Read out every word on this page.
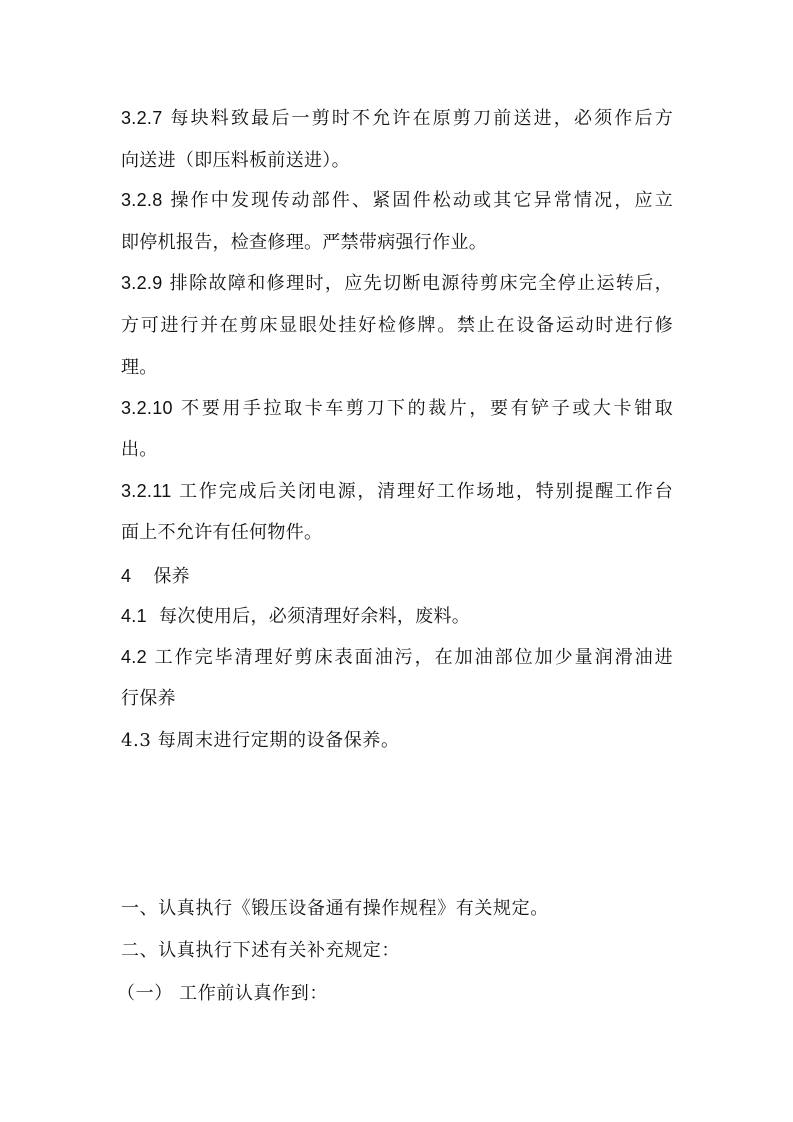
3.2.7 每块料致最后一剪时不允许在原剪刀前送进，必须作后方

向送进（即压料板前送进）。

3.2.8 操作中发现传动部件、紧固件松动或其它异常情况，应立

即停机报告，检查修理。严禁带病强行作业。

3.2.9 排除故障和修理时，应先切断电源待剪床完全停止运转后，

方可进行并在剪床显眼处挂好检修牌。禁止在设备运动时进行修

理。

3.2.10 不要用手拉取卡车剪刀下的裁片，要有铲子或大卡钳取

出。

3.2.11 工作完成后关闭电源，清理好工作场地，特别提醒工作台

面上不允许有任何物件。

4 保养

4.1 每次使用后，必须清理好余料，废料。

4.2 工作完毕清理好剪床表面油污，在加油部位加少量润滑油进

行保养

4.3 每周末进行定期的设备保养。

一、认真执行《锻压设备通有操作规程》有关规定。

二、认真执行下述有关补充规定：

（一） 工作前认真作到：
